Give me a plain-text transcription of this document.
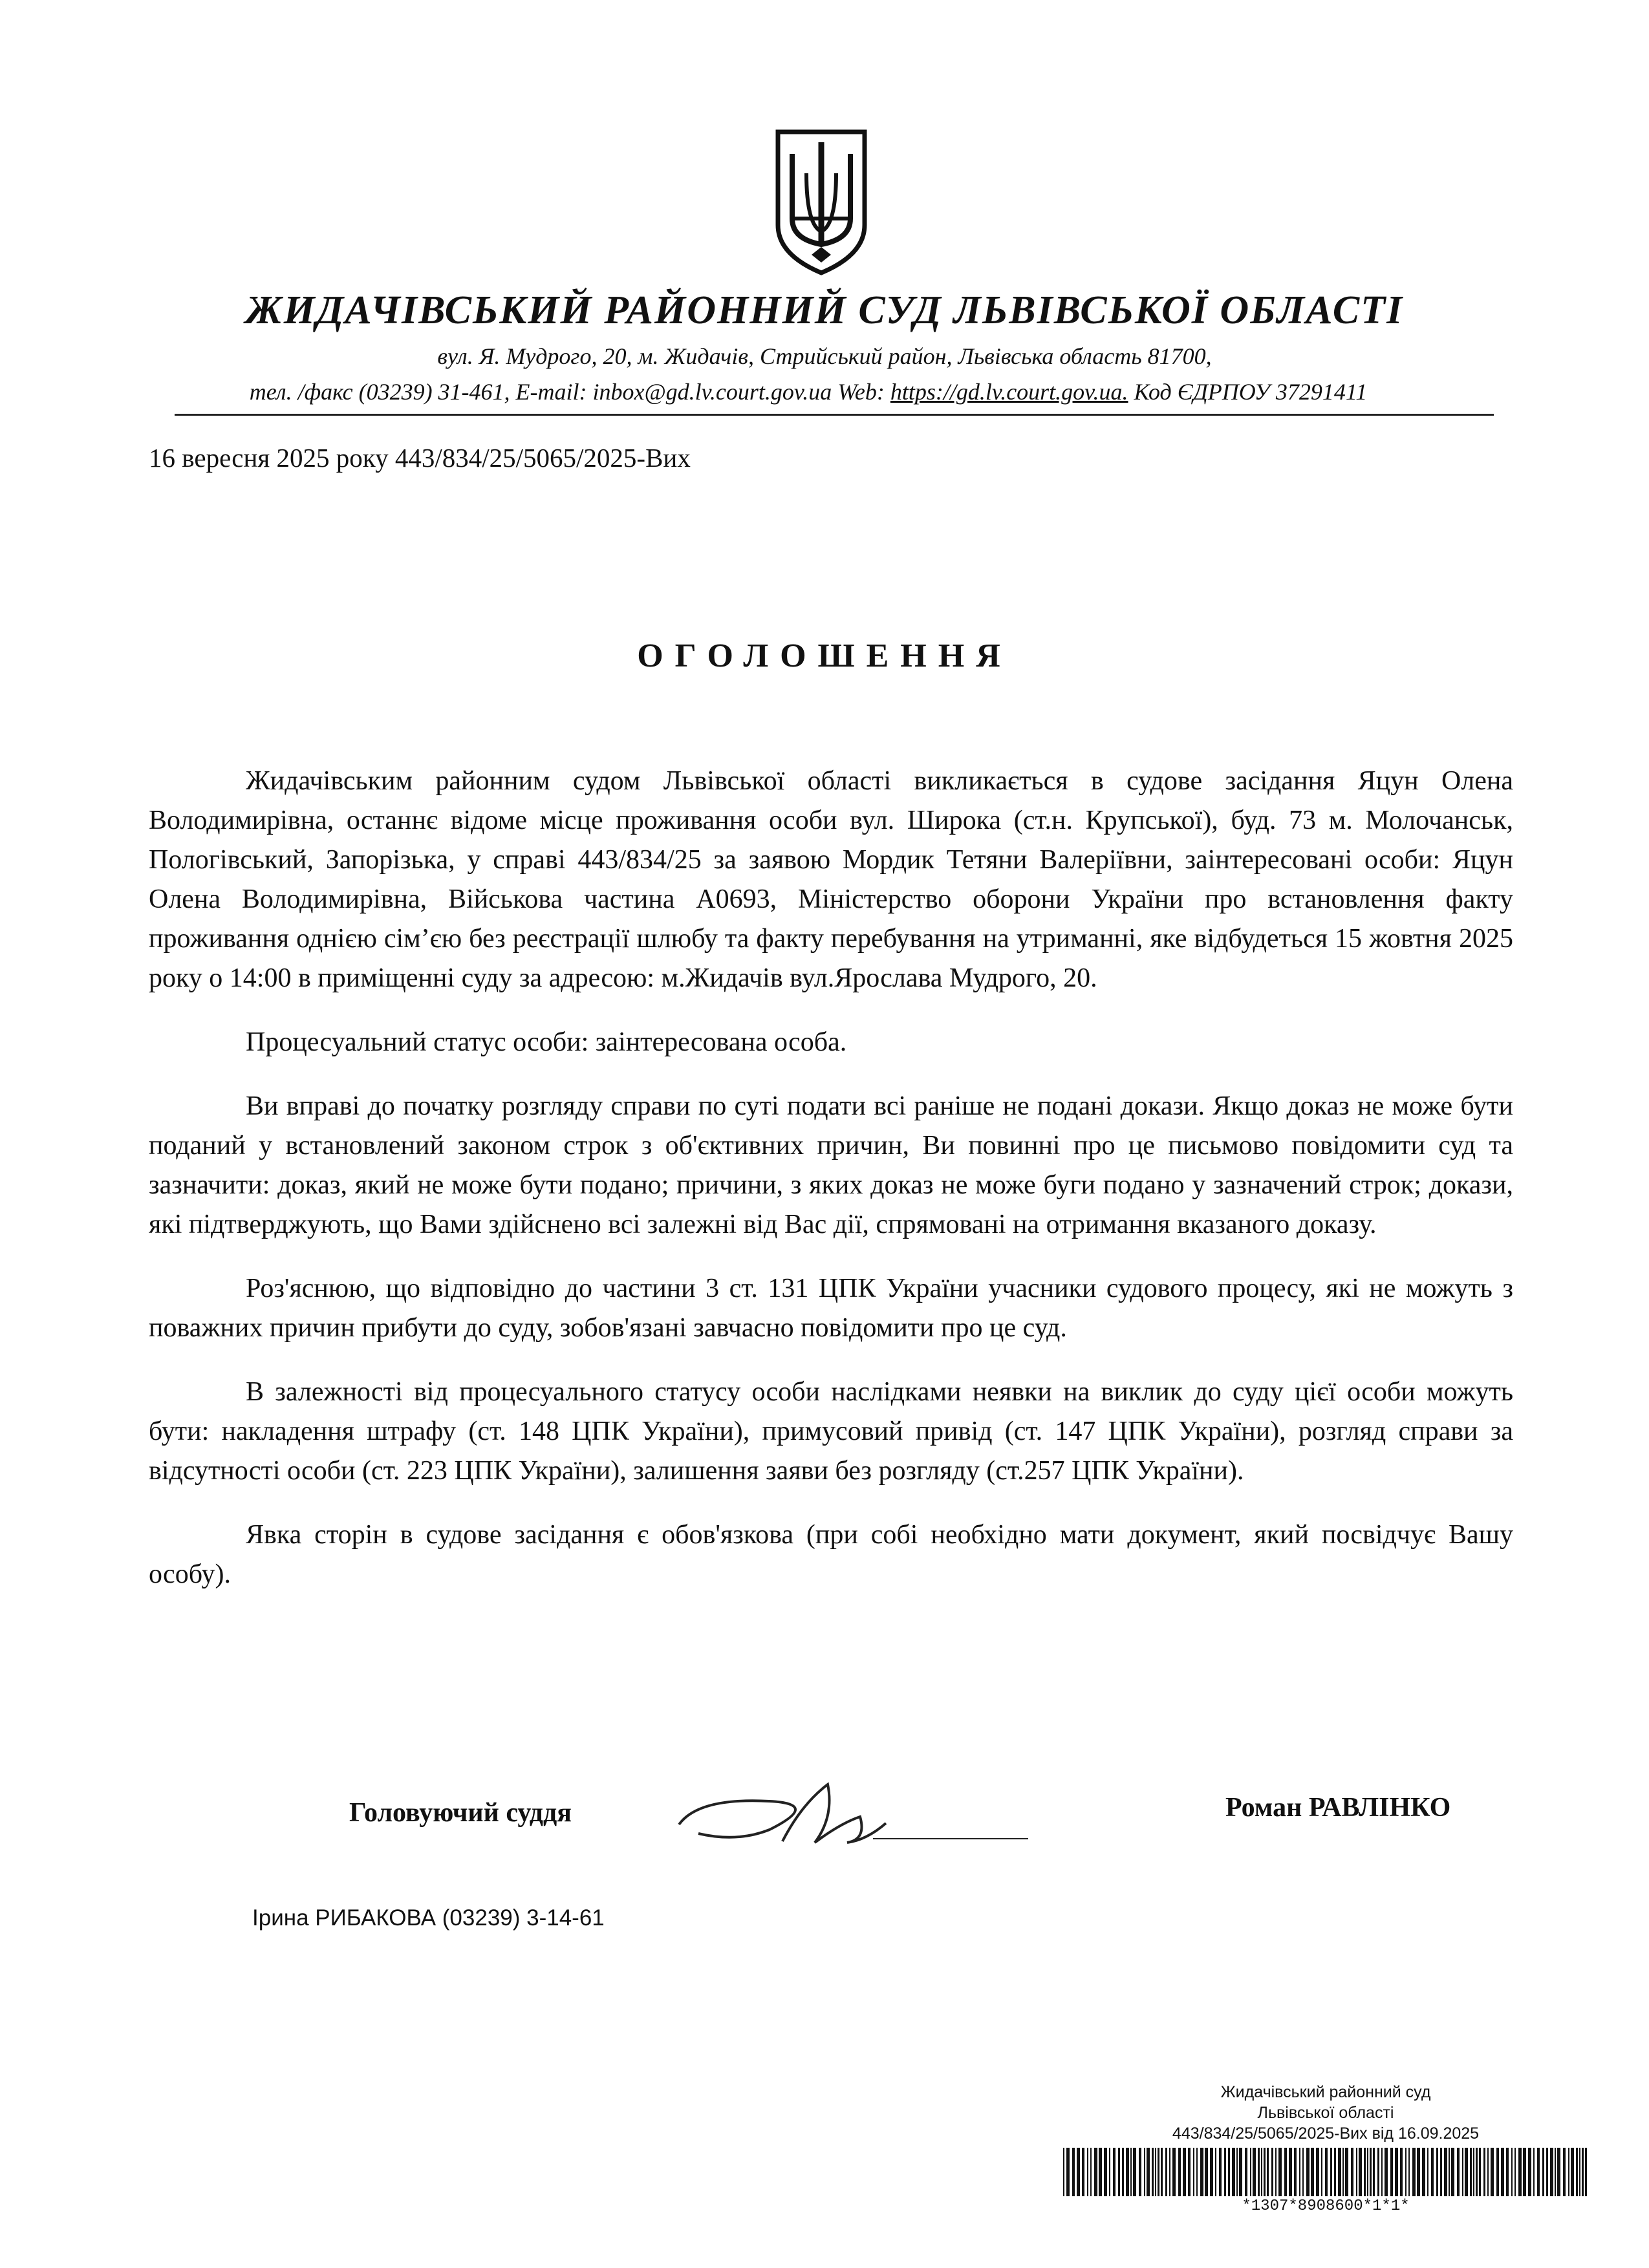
ЖИДАЧІВСЬКИЙ РАЙОННИЙ СУД ЛЬВІВСЬКОЇ ОБЛАСТІ
вул. Я. Мудрого, 20, м. Жидачів, Стрийський район, Львівська область 81700,
тел. /факс (03239) 31-461, E-mail: inbox@gd.lv.court.gov.ua Web: https://gd.lv.court.gov.ua. Код ЄДРПОУ 37291411
16 вересня 2025 року 443/834/25/5065/2025-Вих
ОГОЛОШЕННЯ

Жидачівським районним судом Львівської області викликається в судове засідання Яцун Олена Володимирівна, останнє відоме місце проживання особи вул. Широка (ст.н. Крупської), буд. 73 м. Молочанськ, Пологівський, Запорізька, у справі 443/834/25 за заявою Мордик Тетяни Валеріївни, заінтересовані особи: Яцун Олена Володимирівна, Військова частина А0693, Міністерство оборони України про встановлення факту проживання однією сімʼєю без реєстрації шлюбу та факту перебування на утриманні, яке відбудеться 15 жовтня 2025 року о 14:00 в приміщенні суду за адресою: м.Жидачів вул.Ярослава Мудрого, 20.

Процесуальний статус особи: заінтересована особа.

Ви вправі до початку розгляду справи по суті подати всі раніше не подані докази. Якщо доказ не може бути поданий у встановлений законом строк з об'єктивних причин, Ви повинні про це письмово повідомити суд та зазначити: доказ, який не може бути подано; причини, з яких доказ не може буги подано у зазначений строк; докази, які підтверджують, що Вами здійснено всі залежні від Вас дії, спрямовані на отримання вказаного доказу.

Роз'яснюю, що відповідно до частини 3 ст. 131 ЦПК України учасники судового процесу, які не можуть з поважних причин прибути до суду, зобов'язані завчасно повідомити про це суд.

В залежності від процесуального статусу особи наслідками неявки на виклик до суду цієї особи можуть бути: накладення штрафу (ст. 148 ЦПК України), примусовий привід (ст. 147 ЦПК України), розгляд справи за відсутності особи (ст. 223 ЦПК України), залишення заяви без розгляду (ст.257 ЦПК України).

Явка сторін в судове засідання є обов'язкова (при собі необхідно мати документ, який посвідчує Вашу особу).

Головуючий суддя	Роман РАВЛІНКО
Ірина РИБАКОВА (03239) 3-14-61
Жидачівський районний суд
Львівської області
443/834/25/5065/2025-Вих від 16.09.2025
*1307*8908600*1*1*
